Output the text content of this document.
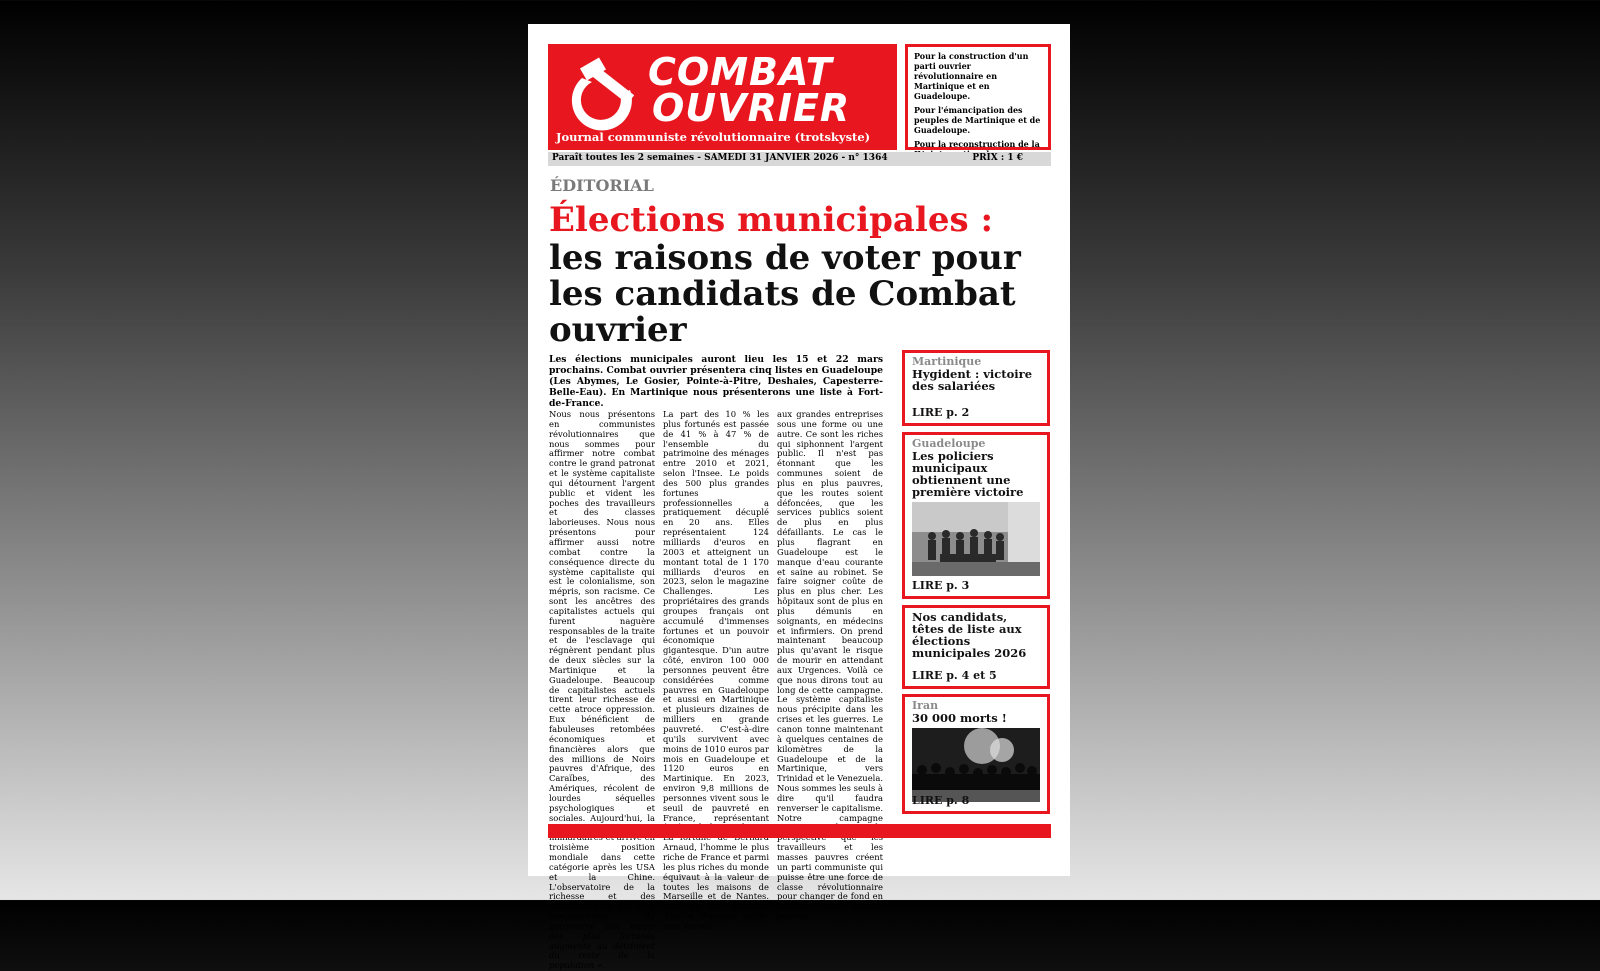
COMBAT
OUVRIER
Journal communiste révolutionnaire (trotskyste)

Pour la construction d'un parti ouvrier révolutionnaire en Martinique et en Guadeloupe.

Pour l'émancipation des peuples de Martinique et de Guadeloupe.

Pour la reconstruction de la

Paraît toutes les 2 semaines - SAMEDI 31 JANVIER 2026 - n° 1364	PRIX : 1 €
ÉDITORIAL
Élections municipales :
les raisons de voter pour les candidats de Combat ouvrier
Les élections municipales auront lieu les 15 et 22 mars prochains. Combat ouvrier présentera cinq listes en Guadeloupe (Les Abymes, Le Gosier, Pointe-à-Pitre, Deshaies, Capesterre-Belle-Eau). En Martinique nous présenterons une liste à Fort-de-France.
Nous nous présentons en communistes révolutionnaires que nous sommes pour affirmer notre combat contre le grand patronat et le système capitaliste qui détournent l'argent public et vident les poches des travailleurs et des classes laborieuses. Nous nous présentons pour affirmer aussi notre combat contre la conséquence directe du système capitaliste qui est le colonialisme, son mépris, son racisme. Ce sont les ancêtres des capitalistes actuels qui furent naguère responsables de la traite et de l'esclavage qui régnèrent pendant plus de deux siècles sur la Martinique et la Guadeloupe. Beaucoup de capitalistes actuels tirent leur richesse de cette atroce oppression. Eux bénéficient de fabuleuses retombées économiques et financières alors que des millions de Noirs pauvres d'Afrique, des Caraïbes, des Amériques, récolent de lourdes séquelles psychologiques et sociales. Aujourd'hui, la troisième position mondiale dans cette catégorie après les USA et la Chine. L'observatoire de la richesse et des inégalités note que « La concentration du patrimoine aux mains des plus fortunés augmente au détriment du reste de la population ».
La part des 10 % les plus fortunés est passée de 41 % à 47 % de l'ensemble du patrimoine des ménages entre 2010 et 2021, selon l'Insee. Le poids des 500 plus grandes fortunes professionnelles a pratiquement décuplé en 20 ans. Elles représentaient 124 milliards d'euros en 2003 et atteignent un montant total de 1 170 milliards d'euros en 2023, selon le magazine Challenges. Les propriétaires des grands groupes français ont accumulé d'immenses fortunes et un pouvoir économique gigantesque. D'un autre côté, environ 100 000 personnes peuvent être considérées comme pauvres en Guadeloupe et aussi en Martinique et plusieurs dizaines de milliers en grande pauvreté. C'est-à-dire qu'ils survivent avec moins de 1010 euros par mois en Guadeloupe et 1120 euros en Martinique. En 2023, environ 9,8 millions de personnes vivent sous le seuil de pauvreté en France, représentant Arnaud, l'homme le plus riche de France et parmi les plus riches du monde équivaut à la valeur de toutes les maisons de Marseille et de Nantes. Près de 200 milliards d'euros d'argent public sont versés
aux grandes entreprises sous une forme ou une autre. Ce sont les riches qui siphonnent l'argent public. Il n'est pas étonnant que les communes soient de plus en plus pauvres, que les routes soient défoncées, que les services publics soient de plus en plus défaillants. Le cas le plus flagrant en Guadeloupe est le manque d'eau courante et saine au robinet. Se faire soigner coûte de plus en plus cher. Les hôpitaux sont de plus en plus démunis en soignants, en médecins et infirmiers. On prend maintenant beaucoup plus qu'avant le risque de mourir en attendant aux Urgences. Voilà ce que nous dirons tout au long de cette campagne. Le système capitaliste nous précipite dans les crises et les guerres. Le canon tonne maintenant à quelques centaines de kilomètres de la Guadeloupe et de la Martinique, vers Trinidad et le Venezuela. Nous sommes les seuls à dire qu'il faudra renverser le capitalisme. Notre campagne travailleurs et les masses pauvres créent un parti communiste qui puisse être une force de classe révolutionnaire pour changer de fond en comble cette société pourrie.
Martinique
Hygident : victoire des salariées
LIRE p. 2
Guadeloupe
Les policiers municipaux obtiennent une première victoire
LIRE p. 3
Nos candidats, têtes de liste aux élections municipales 2026
LIRE p. 4 et 5
Iran
30 000 morts !
LIRE p. 8
